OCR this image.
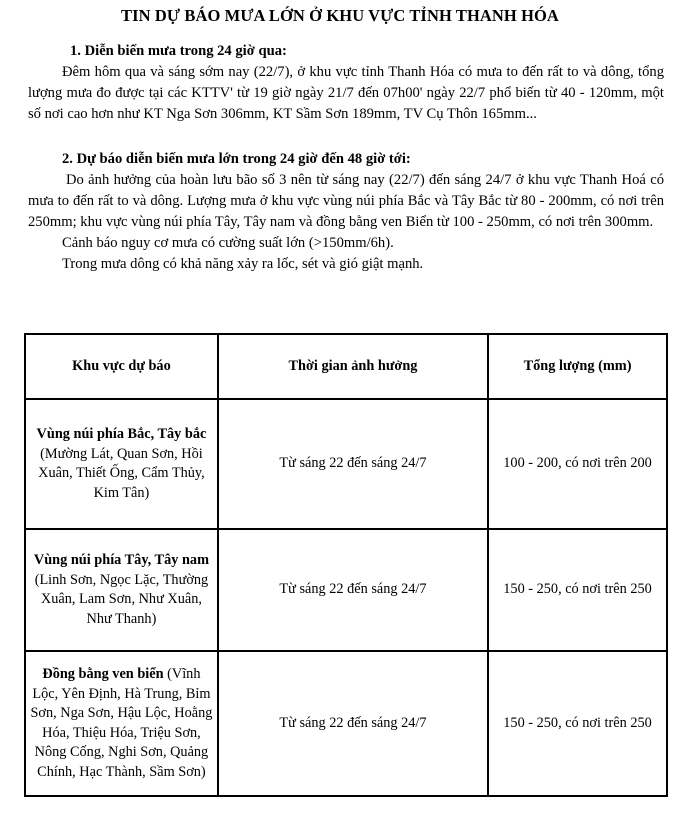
TIN DỰ BÁO MƯA LỚN Ở KHU VỰC TỈNH THANH HÓA
1. Diễn biến mưa trong 24 giờ qua:
Đêm hôm qua và sáng sớm nay (22/7), ở khu vực tỉnh Thanh Hóa có mưa to đến rất to và dông, tổng lượng mưa đo được tại các KTTV' từ 19 giờ ngày 21/7 đến 07h00' ngày 22/7 phổ biến từ 40 - 120mm, một số nơi cao hơn như KT Nga Sơn 306mm, KT Sầm Sơn 189mm, TV Cụ Thôn 165mm...
2. Dự báo diễn biến mưa lớn trong 24 giờ đến 48 giờ tới:
Do ảnh hưởng của hoàn lưu bão số 3 nên từ sáng nay (22/7) đến sáng 24/7 ở khu vực Thanh Hoá có mưa to đến rất to và dông. Lượng mưa ở khu vực vùng núi phía Bắc và Tây Bắc từ 80 - 200mm, có nơi trên 250mm; khu vực vùng núi phía Tây, Tây nam và đồng bằng ven Biển từ 100 - 250mm, có nơi trên 300mm.
Cảnh báo nguy cơ mưa có cường suất lớn (>150mm/6h).
Trong mưa dông có khả năng xảy ra lốc, sét và gió giật mạnh.
Khu vực dự báo	Thời gian ảnh hưởng	Tổng lượng (mm)
Vùng núi phía Bắc, Tây bắc (Mường Lát, Quan Sơn, Hồi Xuân, Thiết Ống, Cẩm Thủy, Kim Tân)	Từ sáng 22 đến sáng 24/7	100 - 200, có nơi trên 200
Vùng núi phía Tây, Tây nam (Linh Sơn, Ngọc Lặc, Thường Xuân, Lam Sơn, Như Xuân, Như Thanh)	Từ sáng 22 đến sáng 24/7	150 - 250, có nơi trên 250
Đồng bằng ven biển (Vĩnh Lộc, Yên Định, Hà Trung, Bỉm Sơn, Nga Sơn, Hậu Lộc, Hoằng Hóa, Thiệu Hóa, Triệu Sơn, Nông Cống, Nghi Sơn, Quảng Chính, Hạc Thành, Sầm Sơn)	Từ sáng 22 đến sáng 24/7	150 - 250, có nơi trên 250
